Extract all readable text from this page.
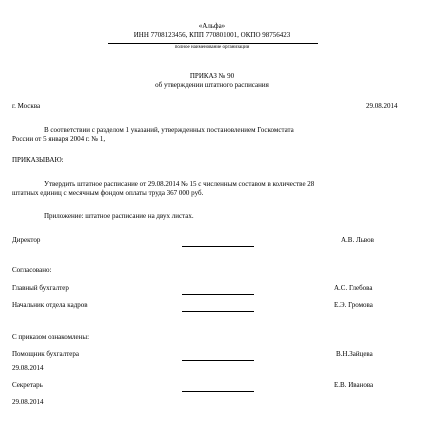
«Альфа»
ИНН 7708123456, КПП 770801001, ОКПО 98756423
полное наименование организации
ПРИКАЗ № 90
об утверждении штатного расписания
г. Москва	29.08.2014
В соответствии с разделом 1 указаний, утвержденных постановлением Госкомстата
России от 5 января 2004 г. № 1,
ПРИКАЗЫВАЮ:
Утвердить штатное расписание от 29.08.2014 № 15 с численным составом в количестве 28
штатных единиц с месячным фондом оплаты труда 367 000 руб.
Приложение: штатное расписание на двух листах.
Директор	А.В. Львов
Согласовано:
Главный бухгалтер	А.С. Глебова
Начальник отдела кадров	Е.Э. Громова
С приказом ознакомлены:
Помощник бухгалтера	В.Н.Зайцева
29.08.2014
Секретарь	Е.В. Иванова
29.08.2014
